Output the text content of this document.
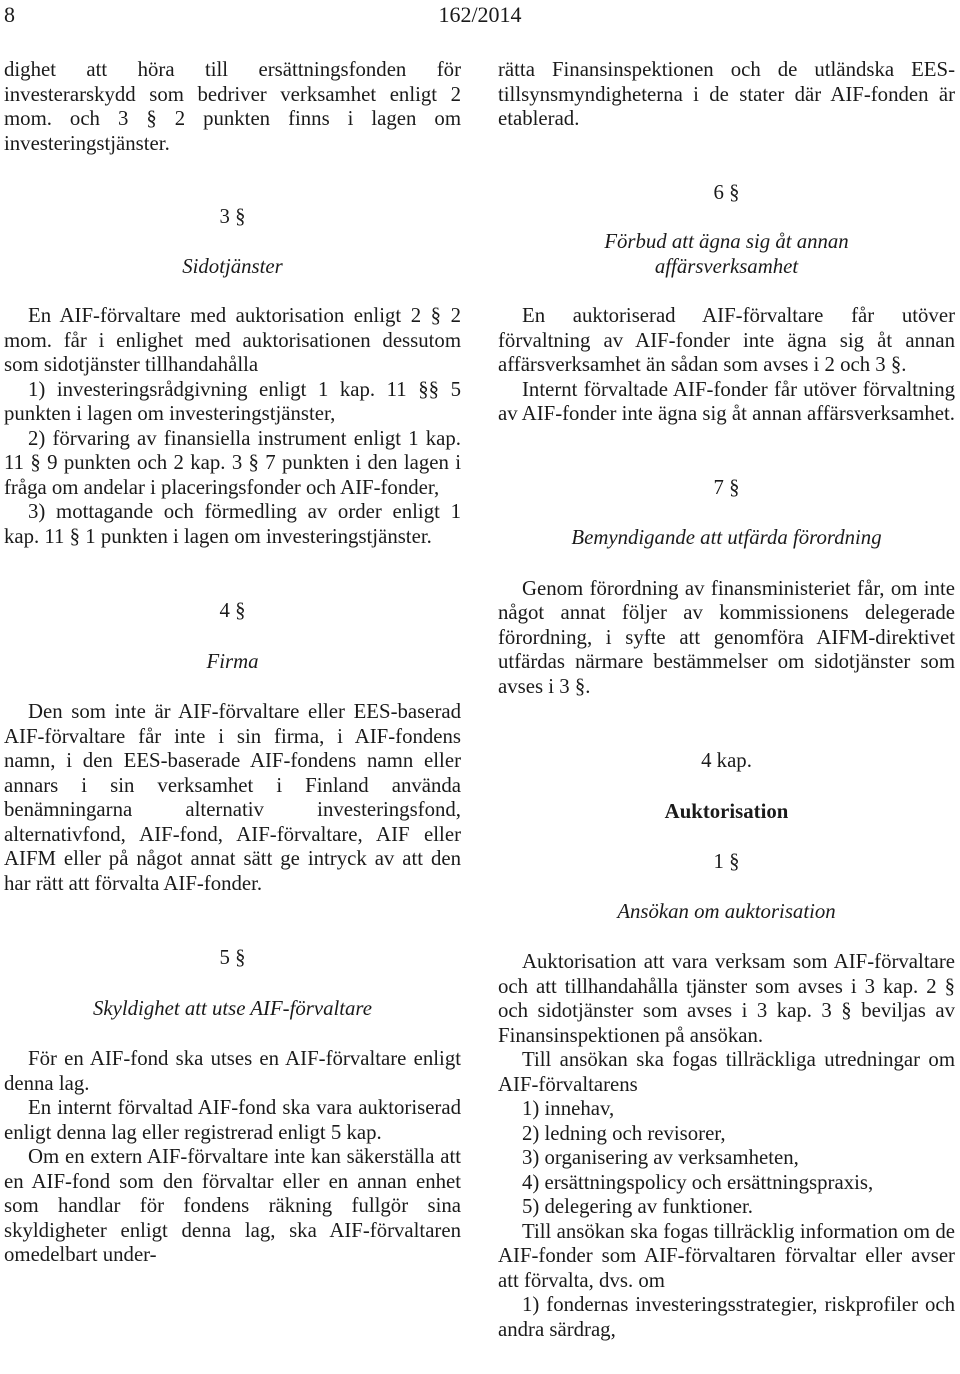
8	162/2014

dighet att höra till ersättningsfonden för investerarskydd som bedriver verksamhet enligt 2 mom. och 3 § 2 punkten finns i lagen om investeringstjänster.

3 §

Sidotjänster

En AIF-förvaltare med auktorisation enligt 2 § 2 mom. får i enlighet med auktorisationen dessutom som sidotjänster tillhandahålla

1) investeringsrådgivning enligt 1 kap. 11 §§ 5 punkten i lagen om investeringstjänster,

2) förvaring av finansiella instrument enligt 1 kap. 11 § 9 punkten och 2 kap. 3 § 7 punkten i den lagen i fråga om andelar i placeringsfonder och AIF-fonder,

3) mottagande och förmedling av order enligt 1 kap. 11 § 1 punkten i lagen om investeringstjänster.

4 §

Firma

Den som inte är AIF-förvaltare eller EES-baserad AIF-förvaltare får inte i sin firma, i AIF-fondens namn, i den EES-baserade AIF-fondens namn eller annars i sin verksamhet i Finland använda benämningarna alternativ investeringsfond, alternativfond, AIF-fond, AIF-förvaltare, AIF eller AIFM eller på något annat sätt ge intryck av att den har rätt att förvalta AIF-fonder.

5 §

Skyldighet att utse AIF-förvaltare

För en AIF-fond ska utses en AIF-förvaltare enligt denna lag.

En internt förvaltad AIF-fond ska vara auktoriserad enligt denna lag eller registrerad enligt 5 kap.

Om en extern AIF-förvaltare inte kan säkerställa att en AIF-fond som den förvaltar eller en annan enhet som handlar för fondens räkning fullgör sina skyldigheter enligt denna lag, ska AIF-förvaltaren omedelbart under-

rätta Finansinspektionen och de utländska EES-tillsynsmyndigheterna i de stater där AIF-fonden är etablerad.

6 §

Förbud att ägna sig åt annan affärsverksamhet

En auktoriserad AIF-förvaltare får utöver förvaltning av AIF-fonder inte ägna sig åt annan affärsverksamhet än sådan som avses i 2 och 3 §.

Internt förvaltade AIF-fonder får utöver förvaltning av AIF-fonder inte ägna sig åt annan affärsverksamhet.

7 §

Bemyndigande att utfärda förordning

Genom förordning av finansministeriet får, om inte något annat följer av kommissionens delegerade förordning, i syfte att genomföra AIFM-direktivet utfärdas närmare bestämmelser om sidotjänster som avses i 3 §.

4 kap.

Auktorisation

1 §

Ansökan om auktorisation

Auktorisation att vara verksam som AIF-förvaltare och att tillhandahålla tjänster som avses i 3 kap. 2 § och sidotjänster som avses i 3 kap. 3 § beviljas av Finansinspektionen på ansökan.

Till ansökan ska fogas tillräckliga utredningar om AIF-förvaltarens

1) innehav,

2) ledning och revisorer,

3) organisering av verksamheten,

4) ersättningspolicy och ersättningspraxis,

5) delegering av funktioner.

Till ansökan ska fogas tillräcklig information om de AIF-fonder som AIF-förvaltaren förvaltar eller avser att förvalta, dvs. om

1) fondernas investeringsstrategier, riskprofiler och andra särdrag,
